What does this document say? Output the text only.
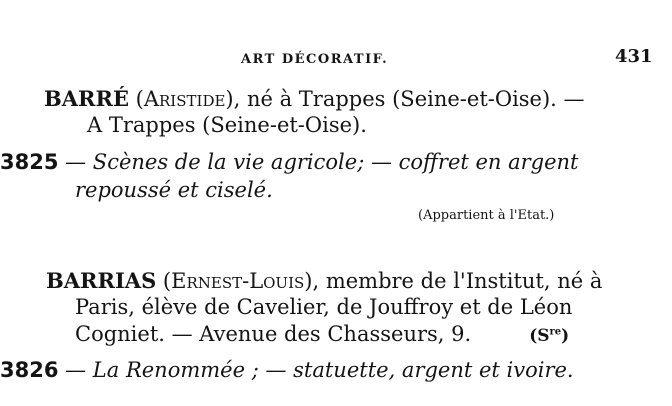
ART DÉCORATIF.	431
BARRÉ (Aristide), né à Trappes (Seine-et-Oise). —
A Trappes (Seine-et-Oise).
3825 — Scènes de la vie agricole; — coffret en argent
repoussé et ciselé.
(Appartient à l'Etat.)
BARRIAS (Ernest-Louis), membre de l'Institut, né à
Paris, élève de Cavelier, de Jouffroy et de Léon
Cogniet. — Avenue des Chasseurs, 9.	$(S^{re})$
3826 — La Renommée ; — statuette, argent et ivoire.
